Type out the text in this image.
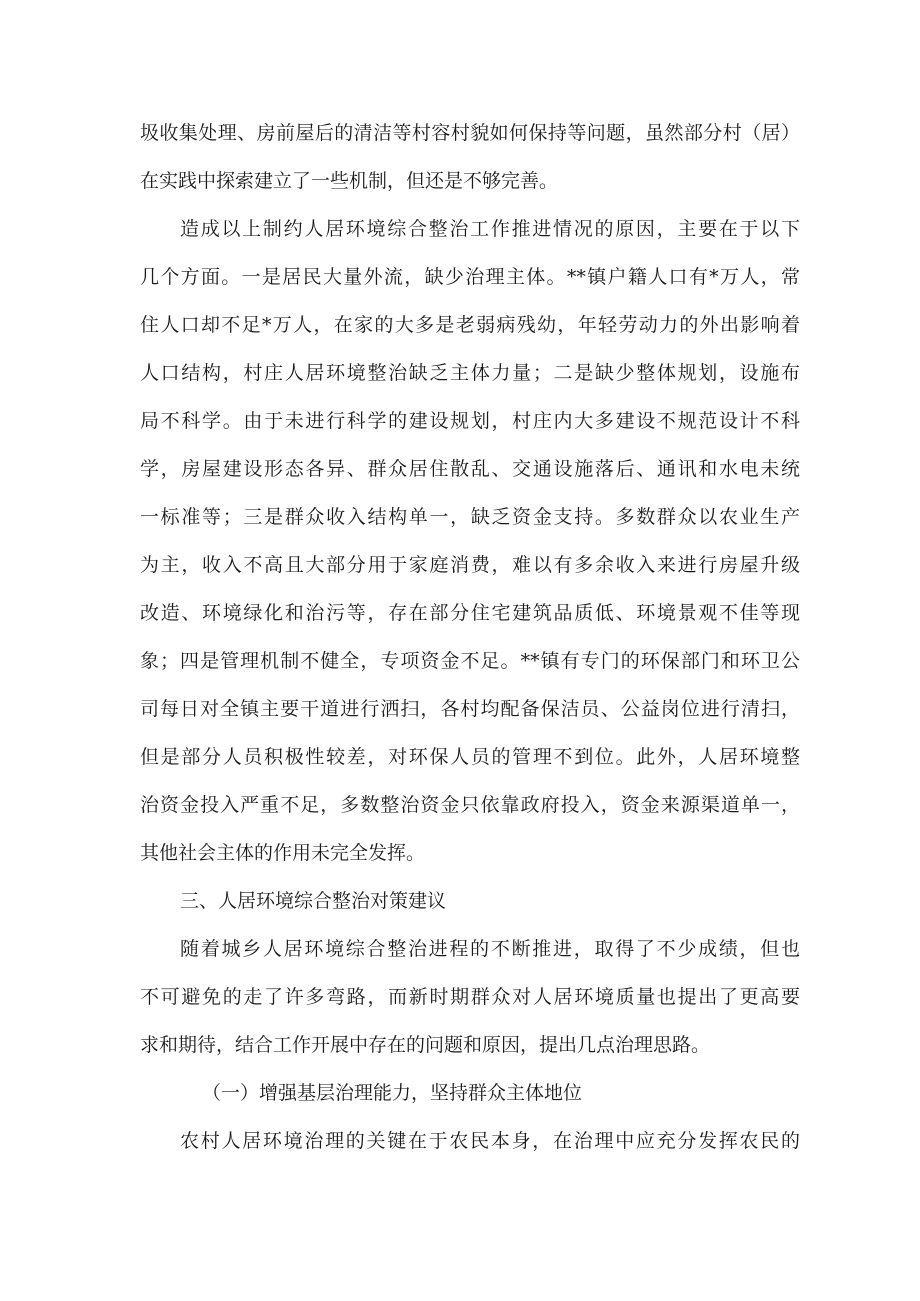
圾收集处理、房前屋后的清洁等村容村貌如何保持等问题，虽然部分村（居）
在实践中探索建立了一些机制，但还是不够完善。
造成以上制约人居环境综合整治工作推进情况的原因，主要在于以下
几个方面。一是居民大量外流，缺少治理主体。**镇户籍人口有*万人，常
住人口却不足*万人，在家的大多是老弱病残幼，年轻劳动力的外出影响着
人口结构，村庄人居环境整治缺乏主体力量；二是缺少整体规划，设施布
局不科学。由于未进行科学的建设规划，村庄内大多建设不规范设计不科
学，房屋建设形态各异、群众居住散乱、交通设施落后、通讯和水电未统
一标准等；三是群众收入结构单一，缺乏资金支持。多数群众以农业生产
为主，收入不高且大部分用于家庭消费，难以有多余收入来进行房屋升级
改造、环境绿化和治污等，存在部分住宅建筑品质低、环境景观不佳等现
象；四是管理机制不健全，专项资金不足。**镇有专门的环保部门和环卫公
司每日对全镇主要干道进行洒扫，各村均配备保洁员、公益岗位进行清扫，
但是部分人员积极性较差，对环保人员的管理不到位。此外，人居环境整
治资金投入严重不足，多数整治资金只依靠政府投入，资金来源渠道单一，
其他社会主体的作用未完全发挥。
三、人居环境综合整治对策建议
随着城乡人居环境综合整治进程的不断推进，取得了不少成绩，但也
不可避免的走了许多弯路，而新时期群众对人居环境质量也提出了更高要
求和期待，结合工作开展中存在的问题和原因，提出几点治理思路。
（一）增强基层治理能力，坚持群众主体地位
农村人居环境治理的关键在于农民本身，在治理中应充分发挥农民的
